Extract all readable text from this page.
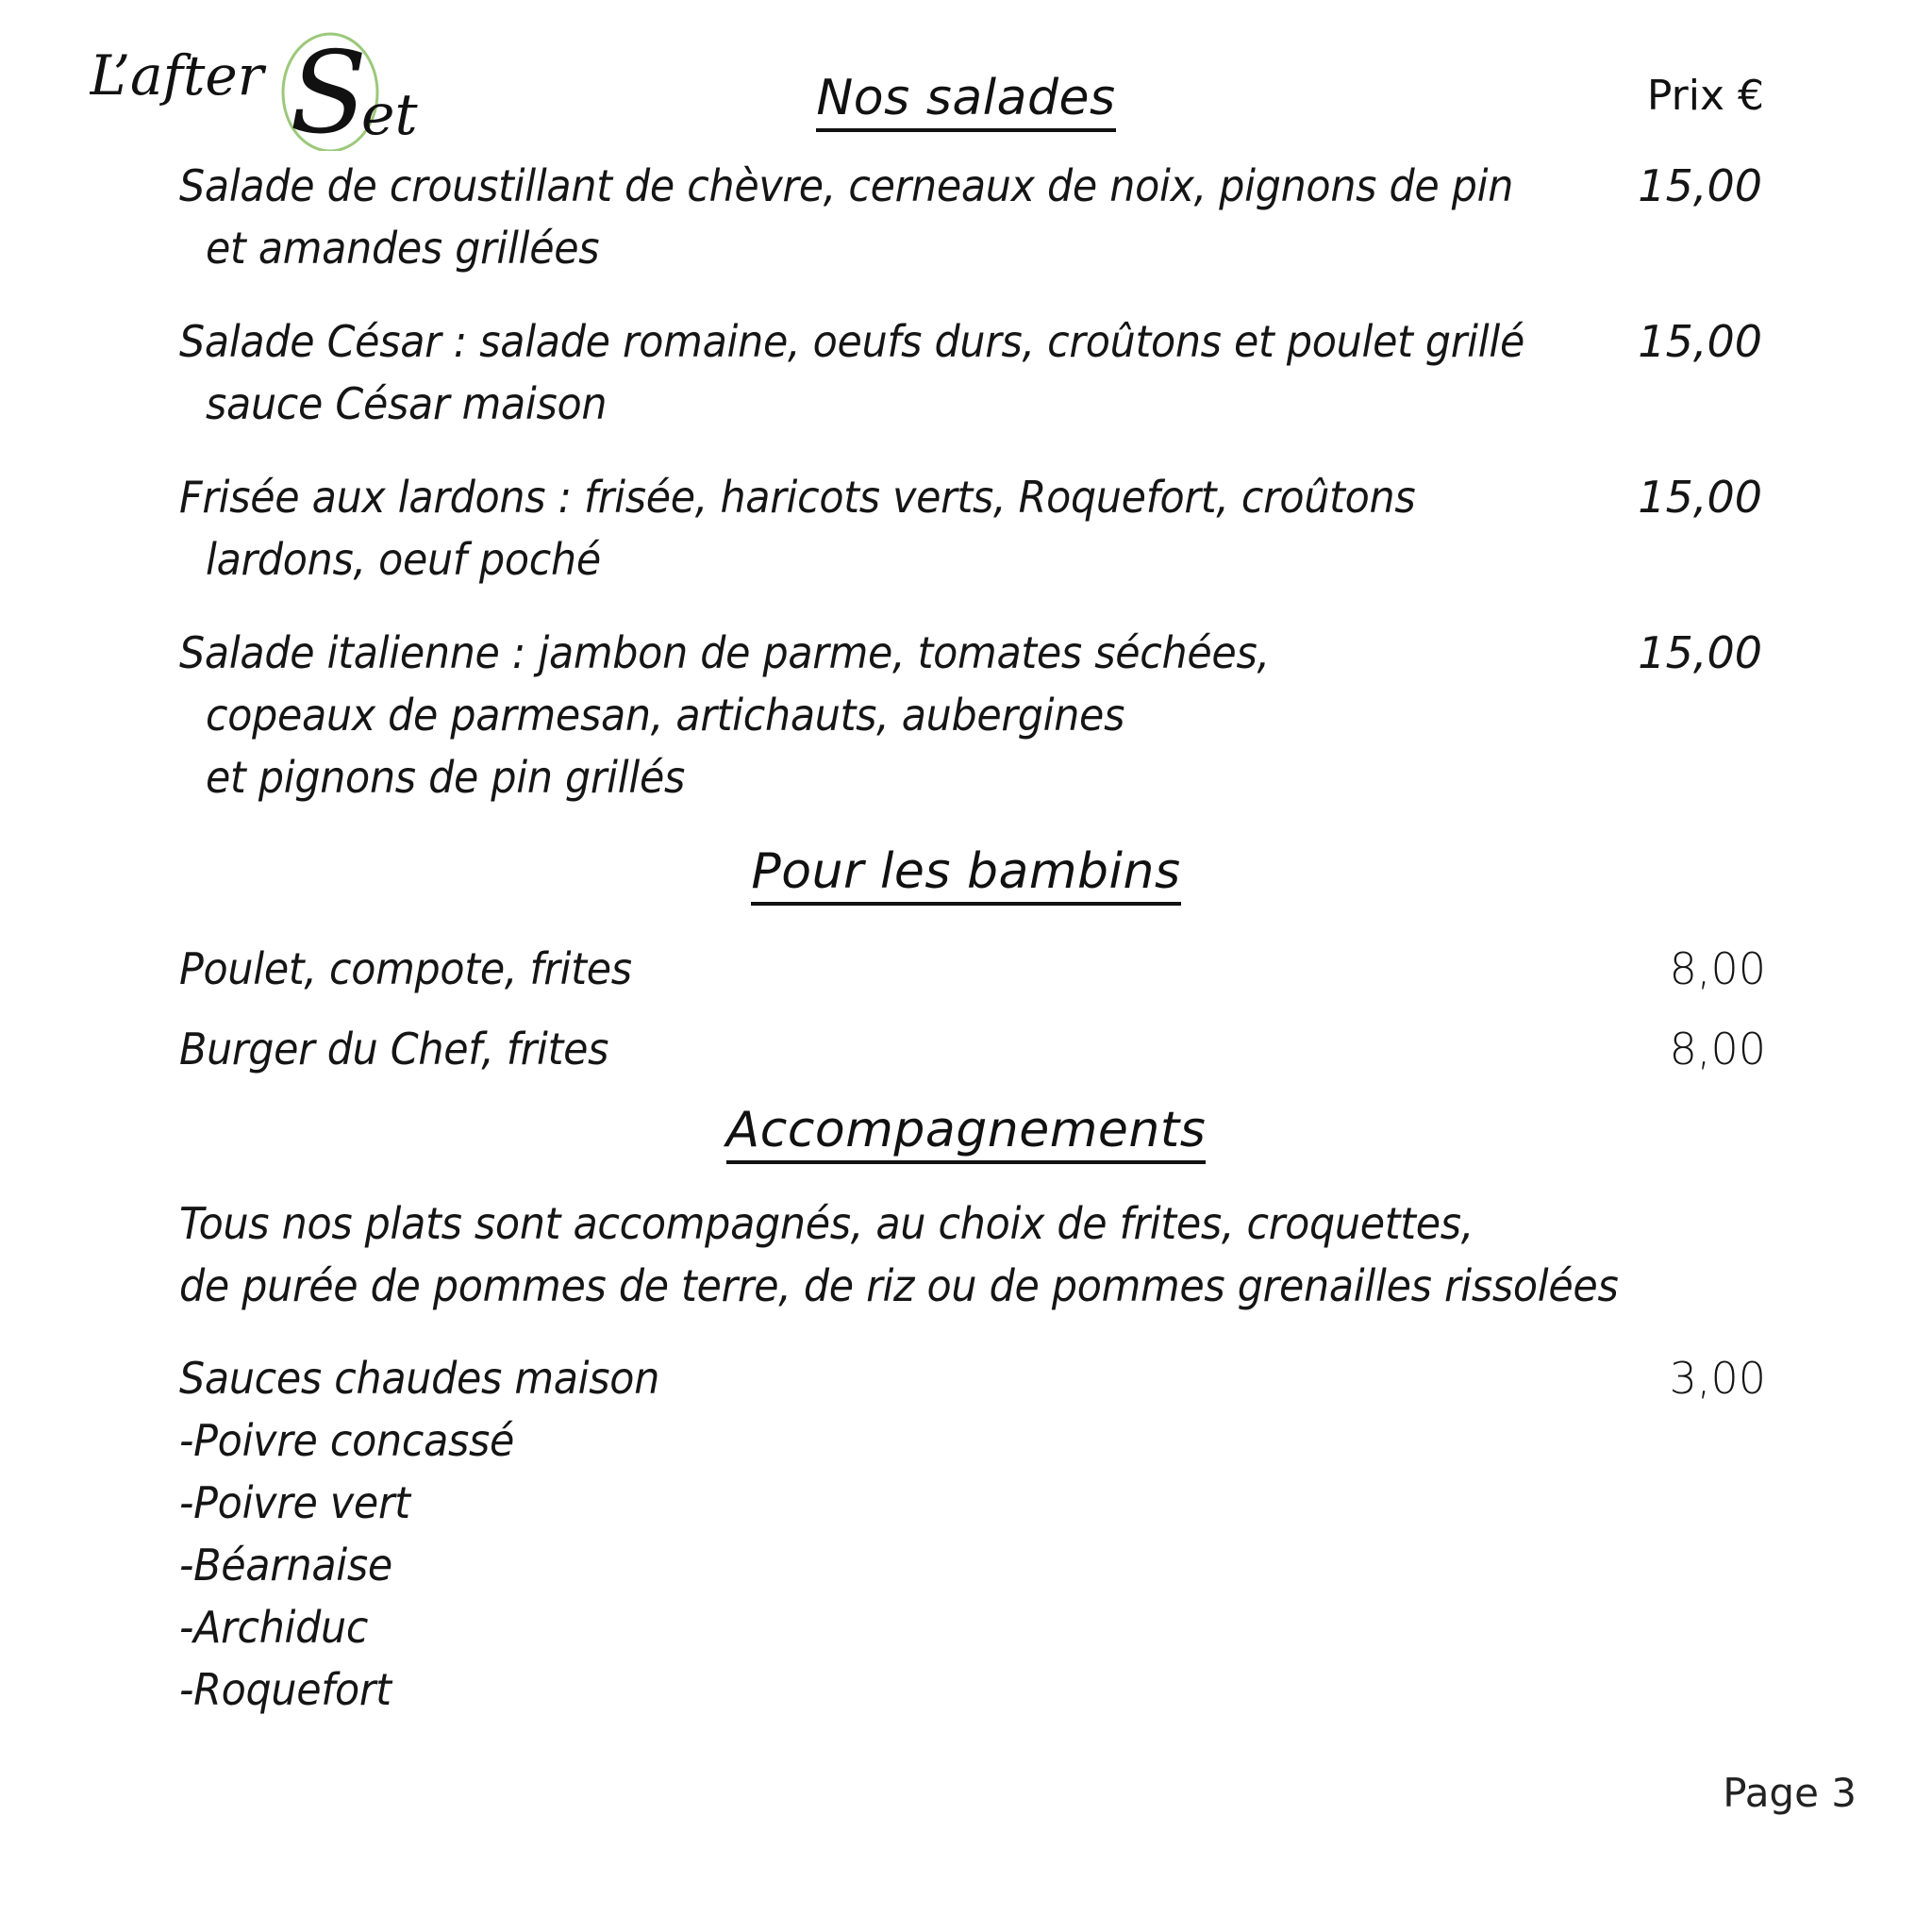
L’after S
et	Prix €
Nos salades
Salade de croustillant de chèvre, cerneaux de noix, pignons de pin
et amandes grillées
15,00
Salade César : salade romaine, oeufs durs, croûtons et poulet grillé
sauce César maison
15,00
Frisée aux lardons : frisée, haricots verts, Roquefort, croûtons
lardons, oeuf poché
15,00
Salade italienne : jambon de parme, tomates séchées,
copeaux de parmesan, artichauts, aubergines
et pignons de pin grillés
15,00
Pour les bambins
Poulet, compote, frites	8,00
Burger du Chef, frites	8,00
Accompagnements
Tous nos plats sont accompagnés, au choix de frites, croquettes,
de purée de pommes de terre, de riz ou de pommes grenailles rissolées
Sauces chaudes maison	3,00
-Poivre concassé
-Poivre vert
-Béarnaise
-Archiduc
-Roquefort
Page 3
